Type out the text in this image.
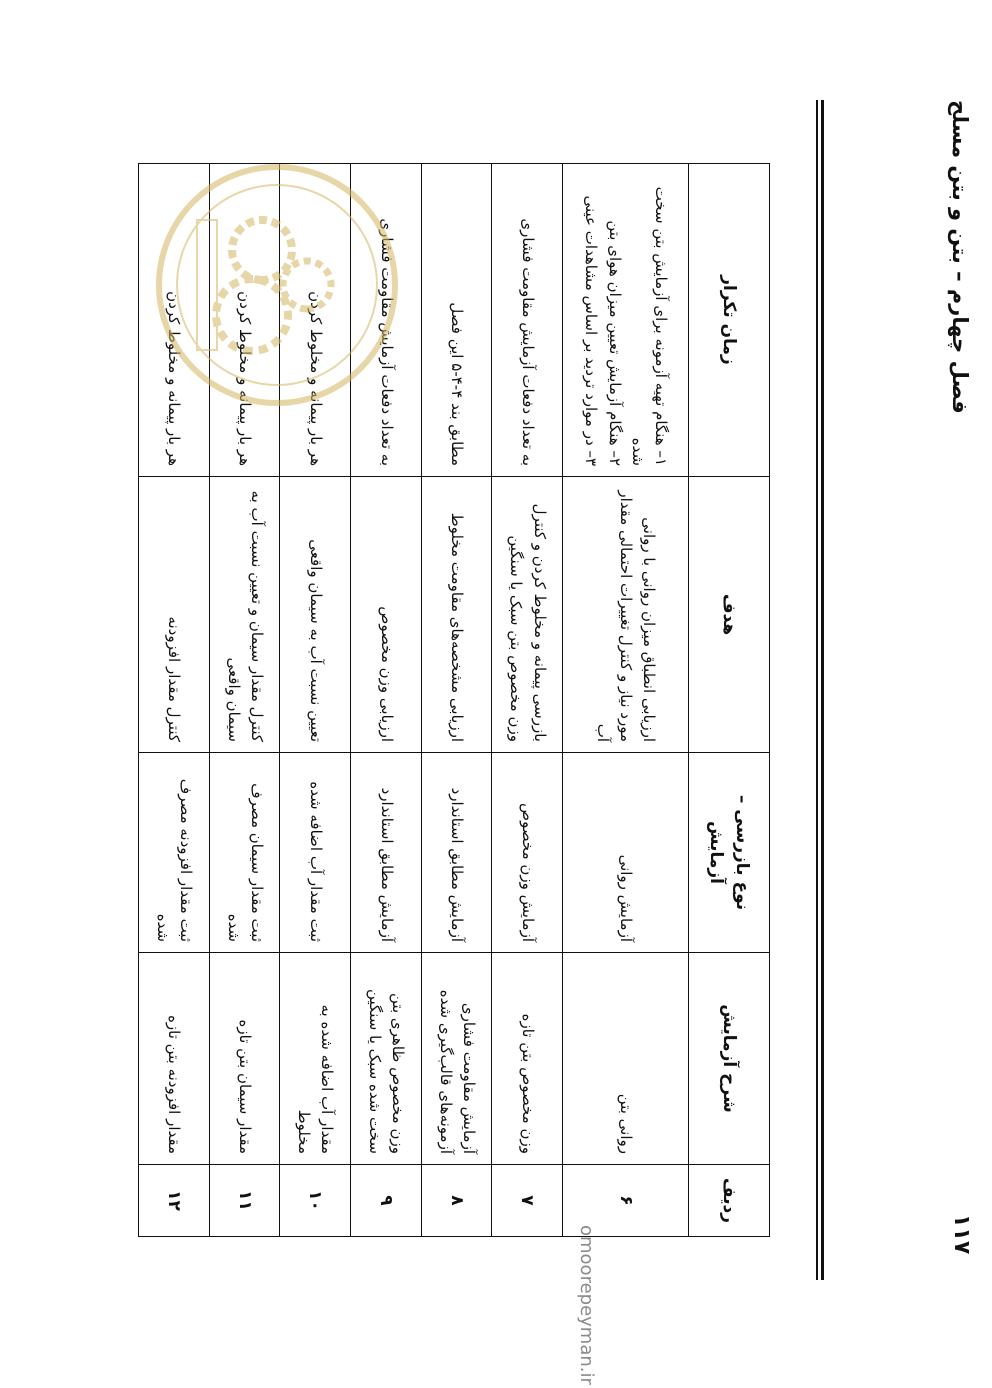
فصل چهارم – بتن و بتن مسلح
۱۱۷
ردیف	شرح آزمایش	نوع بازرسی – آزمایش	هدف	زمان تکرار
۶	روانی بتن	آزمایش روانی	ارزیابی انطباق میزان روانی با روانی مورد نیاز و کنترل تغییرات احتمالی مقدار آب	۱– هنگام تهیه آزمونه برای آزمایش بتن سخت شده
۲– هنگام آزمایش تعیین میزان هوای بتن
۳– در موارد تردید بر اساس مشاهدات عینی

۷	وزن مخصوص بتن تازه	آزمایش وزن مخصوص	بازرسی پیمانه و مخلوط کردن و کنترل وزن مخصوص بتن سبک یا سنگین	به تعداد دفعات آزمایش مقاومت فشاری

۸	آزمایش مقاومت فشاری آزمونه‌های قالب‌گیری شده	آزمایش مطابق استاندارد	ارزیابی مشخصه‌های مقاومت مخلوط	مطابق بند ۴-۴-۵ این فصل

۹	وزن مخصوص ظاهری بتن سخت شده سبک یا سنگین	آزمایش مطابق استاندارد	ارزیابی وزن مخصوص	به تعداد دفعات آزمایش مقاومت فشاری

۱۰	مقدار آب اضافه شده به مخلوط	ثبت مقدار آب اضافه شده	تعیین نسبت آب به سیمان واقعی	هر بار پیمانه و مخلوط کردن

۱۱	مقدار سیمان بتن تازه	ثبت مقدار سیمان مصرف شده	کنترل مقدار سیمان و تعیین نسبت آب به سیمان واقعی	هر بار پیمانه و مخلوط کردن

۱۲	مقدار افزودنه بتن تازه	ثبت مقدار افزودنه مصرف شده	کنترل مقدار افزودنه	هر بار پیمانه و مخلوط کردن
omoorepeyman.ir
